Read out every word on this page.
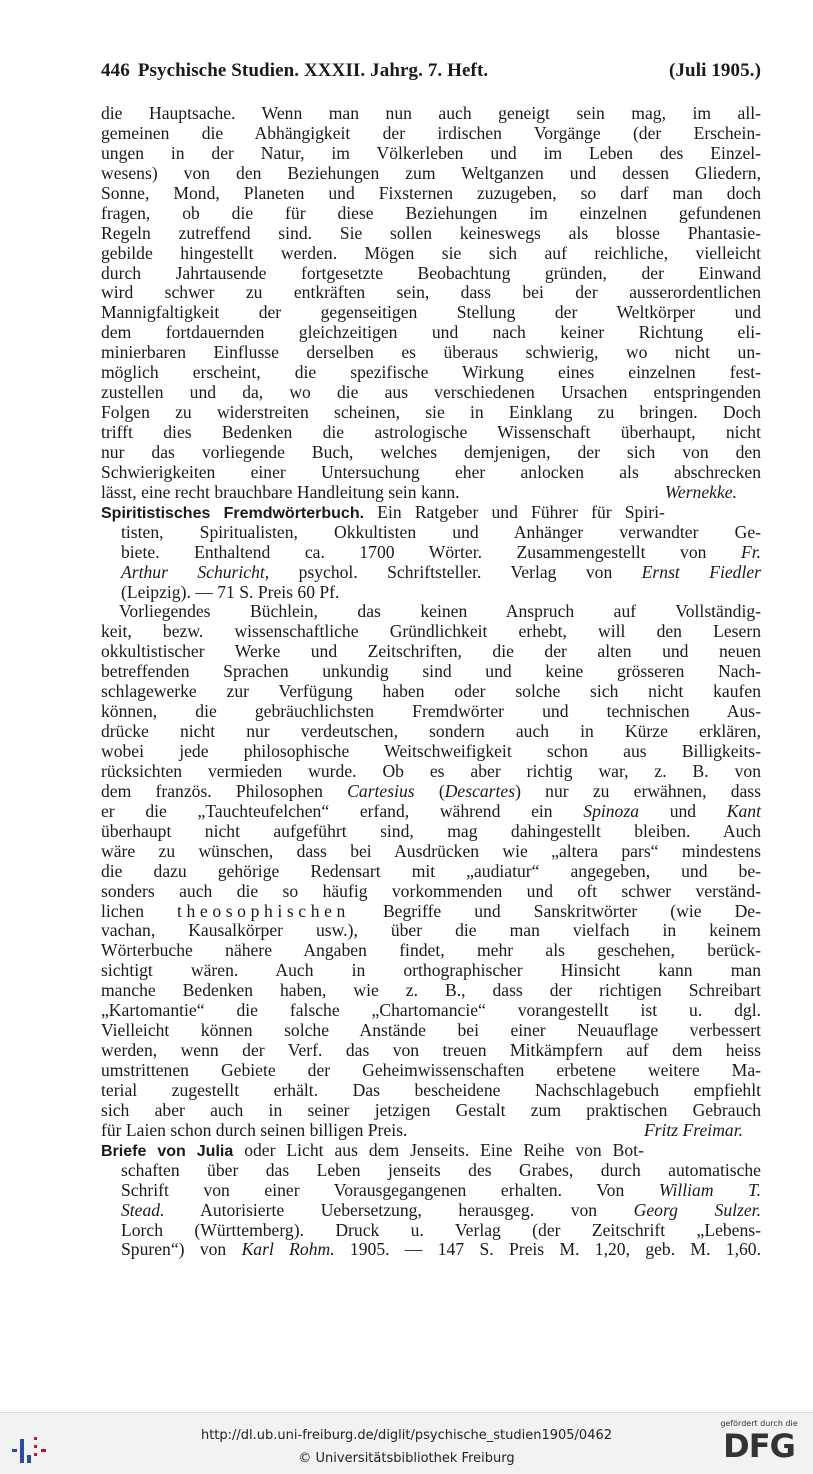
446 Psychische Studien. XXXII. Jahrg. 7. Heft.	(Juli 1905.)
die Hauptsache. Wenn man nun auch geneigt sein mag, im all-
gemeinen die Abhängigkeit der irdischen Vorgänge (der Erschein-
ungen in der Natur, im Völkerleben und im Leben des Einzel-
wesens) von den Beziehungen zum Weltganzen und dessen Gliedern,
Sonne, Mond, Planeten und Fixsternen zuzugeben, so darf man doch
fragen, ob die für diese Beziehungen im einzelnen gefundenen
Regeln zutreffend sind. Sie sollen keineswegs als blosse Phantasie-
gebilde hingestellt werden. Mögen sie sich auf reichliche, vielleicht
durch Jahrtausende fortgesetzte Beobachtung gründen, der Einwand
wird schwer zu entkräften sein, dass bei der ausserordentlichen
Mannigfaltigkeit der gegenseitigen Stellung der Weltkörper und
dem fortdauernden gleichzeitigen und nach keiner Richtung eli-
minierbaren Einflusse derselben es überaus schwierig, wo nicht un-
möglich erscheint, die spezifische Wirkung eines einzelnen fest-
zustellen und da, wo die aus verschiedenen Ursachen entspringenden
Folgen zu widerstreiten scheinen, sie in Einklang zu bringen. Doch
trifft dies Bedenken die astrologische Wissenschaft überhaupt, nicht
nur das vorliegende Buch, welches demjenigen, der sich von den
Schwierigkeiten einer Untersuchung eher anlocken als abschrecken
lässt, eine recht brauchbare Handleitung sein kann.	Wernekke.
Spiritistisches Fremdwörterbuch. Ein Ratgeber und Führer für Spiri-
tisten, Spiritualisten, Okkultisten und Anhänger verwandter Ge-
biete. Enthaltend ca. 1700 Wörter. Zusammengestellt von Fr.
Arthur Schuricht, psychol. Schriftsteller. Verlag von Ernst Fiedler
(Leipzig). — 71 S. Preis 60 Pf.
Vorliegendes Büchlein, das keinen Anspruch auf Vollständig-
keit, bezw. wissenschaftliche Gründlichkeit erhebt, will den Lesern
okkultistischer Werke und Zeitschriften, die der alten und neuen
betreffenden Sprachen unkundig sind und keine grösseren Nach-
schlagewerke zur Verfügung haben oder solche sich nicht kaufen
können, die gebräuchlichsten Fremdwörter und technischen Aus-
drücke nicht nur verdeutschen, sondern auch in Kürze erklären,
wobei jede philosophische Weitschweifigkeit schon aus Billigkeits-
rücksichten vermieden wurde. Ob es aber richtig war, z. B. von
dem französ. Philosophen Cartesius (Descartes) nur zu erwähnen, dass
er die „Tauchteufelchen“ erfand, während ein Spinoza und Kant
überhaupt nicht aufgeführt sind, mag dahingestellt bleiben. Auch
wäre zu wünschen, dass bei Ausdrücken wie „altera pars“ mindestens
die dazu gehörige Redensart mit „audiatur“ angegeben, und be-
sonders auch die so häufig vorkommenden und oft schwer verständ-
lichen theosophischen Begriffe und Sanskritwörter (wie De-
vachan, Kausalkörper usw.), über die man vielfach in keinem
Wörterbuche nähere Angaben findet, mehr als geschehen, berück-
sichtigt wären. Auch in orthographischer Hinsicht kann man
manche Bedenken haben, wie z. B., dass der richtigen Schreibart
„Kartomantie“ die falsche „Chartomancie“ vorangestellt ist u. dgl.
Vielleicht können solche Anstände bei einer Neuauflage verbessert
werden, wenn der Verf. das von treuen Mitkämpfern auf dem heiss
umstrittenen Gebiete der Geheimwissenschaften erbetene weitere Ma-
terial zugestellt erhält. Das bescheidene Nachschlagebuch empfiehlt
sich aber auch in seiner jetzigen Gestalt zum praktischen Gebrauch
für Laien schon durch seinen billigen Preis.	Fritz Freimar.
Briefe von Julia oder Licht aus dem Jenseits. Eine Reihe von Bot-
schaften über das Leben jenseits des Grabes, durch automatische
Schrift von einer Vorausgegangenen erhalten. Von William T.
Stead. Autorisierte Uebersetzung, herausgeg. von Georg Sulzer.
Lorch (Württemberg). Druck u. Verlag (der Zeitschrift „Lebens-
Spuren“) von Karl Rohm. 1905. — 147 S. Preis M. 1,20, geb. M. 1,60.
http://dl.ub.uni-freiburg.de/diglit/psychische_studien1905/0462
© Universitätsbibliothek Freiburg
gefördert durch die
DFG
